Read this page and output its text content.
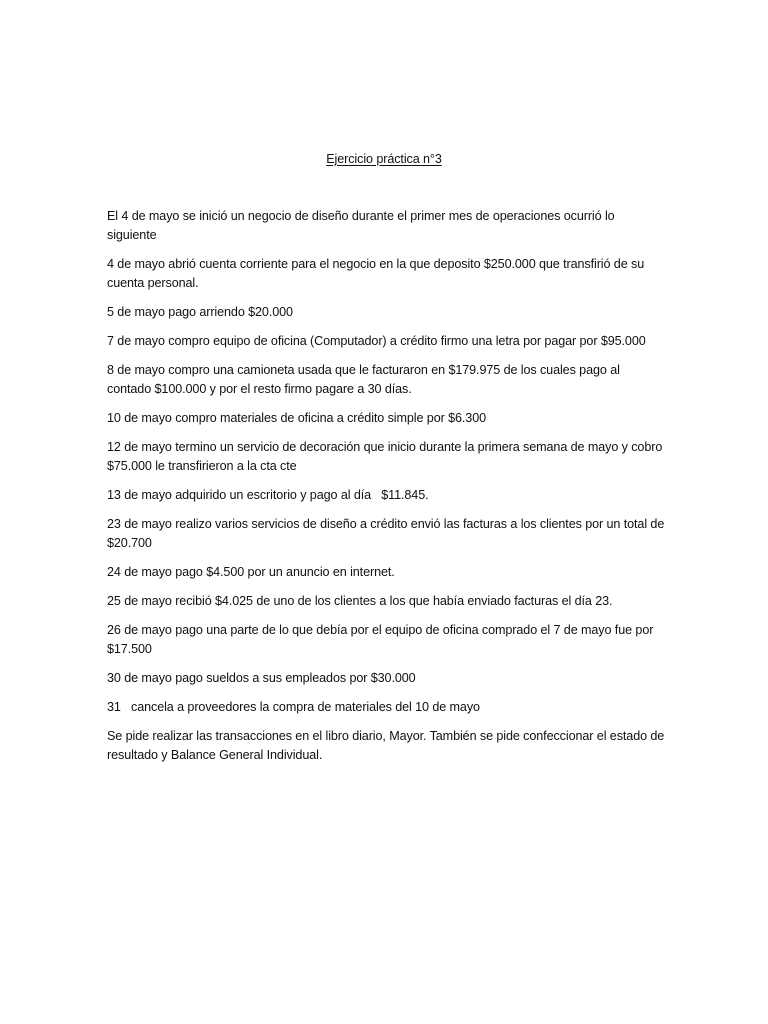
Ejercicio práctica n°3

El 4 de mayo se inició un negocio de diseño durante el primer mes de operaciones ocurrió lo siguiente

4 de mayo abrió cuenta corriente para el negocio en la que deposito $250.000 que transfirió de su cuenta personal.

5 de mayo pago arriendo $20.000

7 de mayo compro equipo de oficina (Computador) a crédito firmo una letra por pagar por $95.000

8 de mayo compro una camioneta usada que le facturaron en $179.975 de los cuales pago al contado $100.000 y por el resto firmo pagare a 30 días.

10 de mayo compro materiales de oficina a crédito simple por $6.300

12 de mayo termino un servicio de decoración que inicio durante la primera semana de mayo y cobro $75.000 le transfirieron a la cta cte

13 de mayo adquirido un escritorio y pago al día   $11.845.

23 de mayo realizo varios servicios de diseño a crédito envió las facturas a los clientes por un total de $20.700

24 de mayo pago $4.500 por un anuncio en internet.

25 de mayo recibió $4.025 de uno de los clientes a los que había enviado facturas el día 23.

26 de mayo pago una parte de lo que debía por el equipo de oficina comprado el 7 de mayo fue por $17.500

30 de mayo pago sueldos a sus empleados por $30.000

31   cancela a proveedores la compra de materiales del 10 de mayo

Se pide realizar las transacciones en el libro diario, Mayor. También se pide confeccionar el estado de resultado y Balance General Individual.
